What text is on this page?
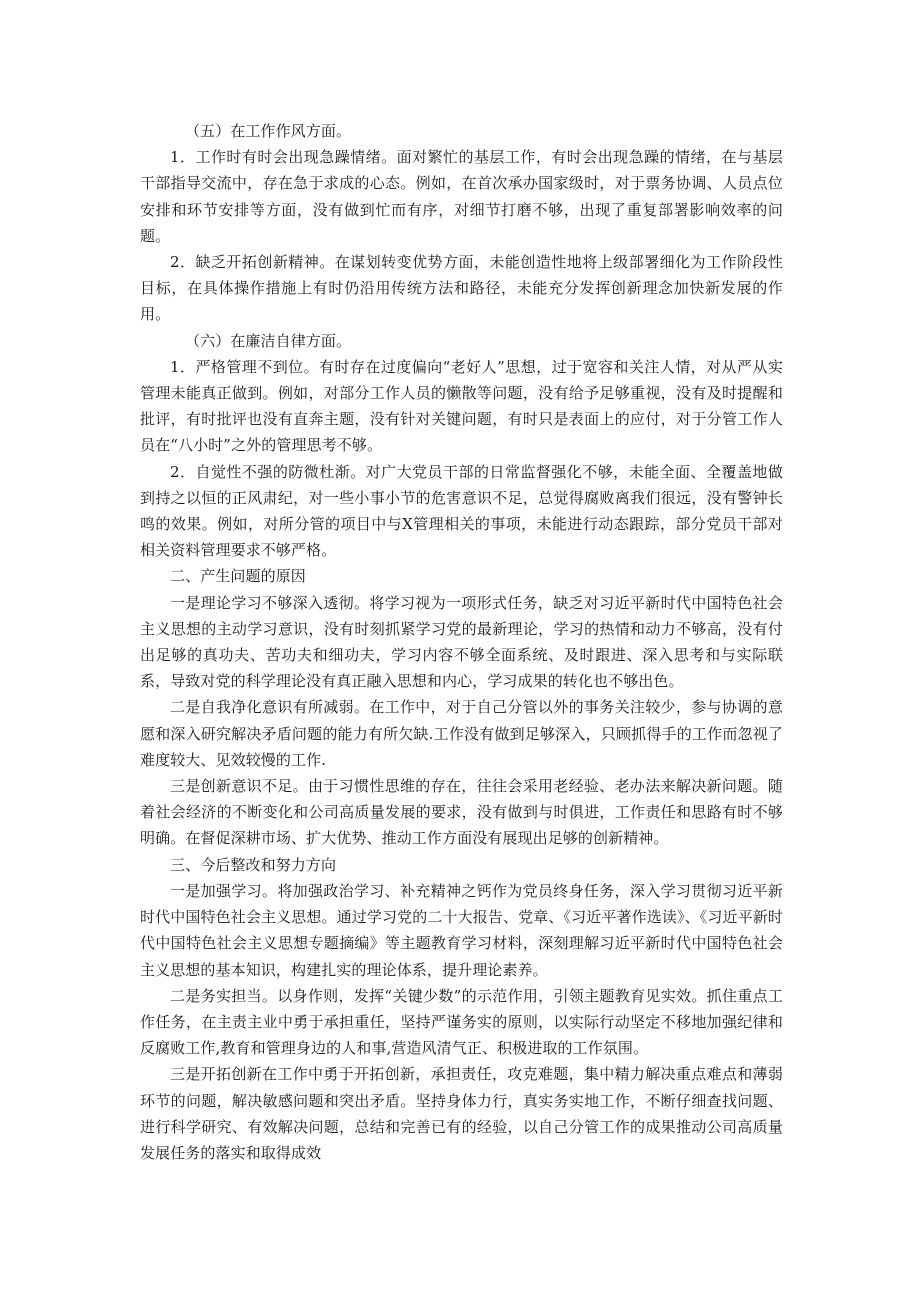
（五）在工作作风方面。

1．工作时有时会出现急躁情绪。面对繁忙的基层工作，有时会出现急躁的情绪，在与基层干部指导交流中，存在急于求成的心态。例如，在首次承办国家级时，对于票务协调、人员点位安排和环节安排等方面，没有做到忙而有序，对细节打磨不够，出现了重复部署影响效率的问题。

2．缺乏开拓创新精神。在谋划转变优势方面，未能创造性地将上级部署细化为工作阶段性目标，在具体操作措施上有时仍沿用传统方法和路径，未能充分发挥创新理念加快新发展的作用。

（六）在廉洁自律方面。

1．严格管理不到位。有时存在过度偏向“老好人”思想，过于宽容和关注人情，对从严从实管理未能真正做到。例如，对部分工作人员的懒散等问题，没有给予足够重视，没有及时提醒和批评，有时批评也没有直奔主题，没有针对关键问题，有时只是表面上的应付，对于分管工作人员在“八小时”之外的管理思考不够。

2．自觉性不强的防微杜渐。对广大党员干部的日常监督强化不够，未能全面、全覆盖地做到持之以恒的正风肃纪，对一些小事小节的危害意识不足，总觉得腐败离我们很远，没有警钟长鸣的效果。例如，对所分管的项目中与X管理相关的事项，未能进行动态跟踪，部分党员干部对相关资料管理要求不够严格。

二、产生问题的原因

一是理论学习不够深入透彻。将学习视为一项形式任务，缺乏对习近平新时代中国特色社会主义思想的主动学习意识，没有时刻抓紧学习党的最新理论，学习的热情和动力不够高，没有付出足够的真功夫、苦功夫和细功夫，学习内容不够全面系统、及时跟进、深入思考和与实际联系，导致对党的科学理论没有真正融入思想和内心，学习成果的转化也不够出色。

二是自我净化意识有所减弱。在工作中，对于自己分管以外的事务关注较少，参与协调的意愿和深入研究解决矛盾问题的能力有所欠缺.工作没有做到足够深入，只顾抓得手的工作而忽视了难度较大、见效较慢的工作.

三是创新意识不足。由于习惯性思维的存在，往往会采用老经验、老办法来解决新问题。随着社会经济的不断变化和公司高质量发展的要求，没有做到与时俱进，工作责任和思路有时不够明确。在督促深耕市场、扩大优势、推动工作方面没有展现出足够的创新精神。

三、今后整改和努力方向

一是加强学习。将加强政治学习、补充精神之钙作为党员终身任务，深入学习贯彻习近平新时代中国特色社会主义思想。通过学习党的二十大报告、党章、《习近平著作选读》、《习近平新时代中国特色社会主义思想专题摘编》等主题教育学习材料，深刻理解习近平新时代中国特色社会主义思想的基本知识，构建扎实的理论体系，提升理论素养。

二是务实担当。以身作则，发挥“关键少数”的示范作用，引领主题教育见实效。抓住重点工作任务，在主责主业中勇于承担重任，坚持严谨务实的原则，以实际行动坚定不移地加强纪律和反腐败工作,教育和管理身边的人和事,营造风清气正、积极进取的工作氛围。

三是开拓创新在工作中勇于开拓创新，承担责任，攻克难题，集中精力解决重点难点和薄弱环节的问题，解决敏感问题和突出矛盾。坚持身体力行，真实务实地工作，不断仔细查找问题、进行科学研究、有效解决问题，总结和完善已有的经验，以自己分管工作的成果推动公司高质量发展任务的落实和取得成效
